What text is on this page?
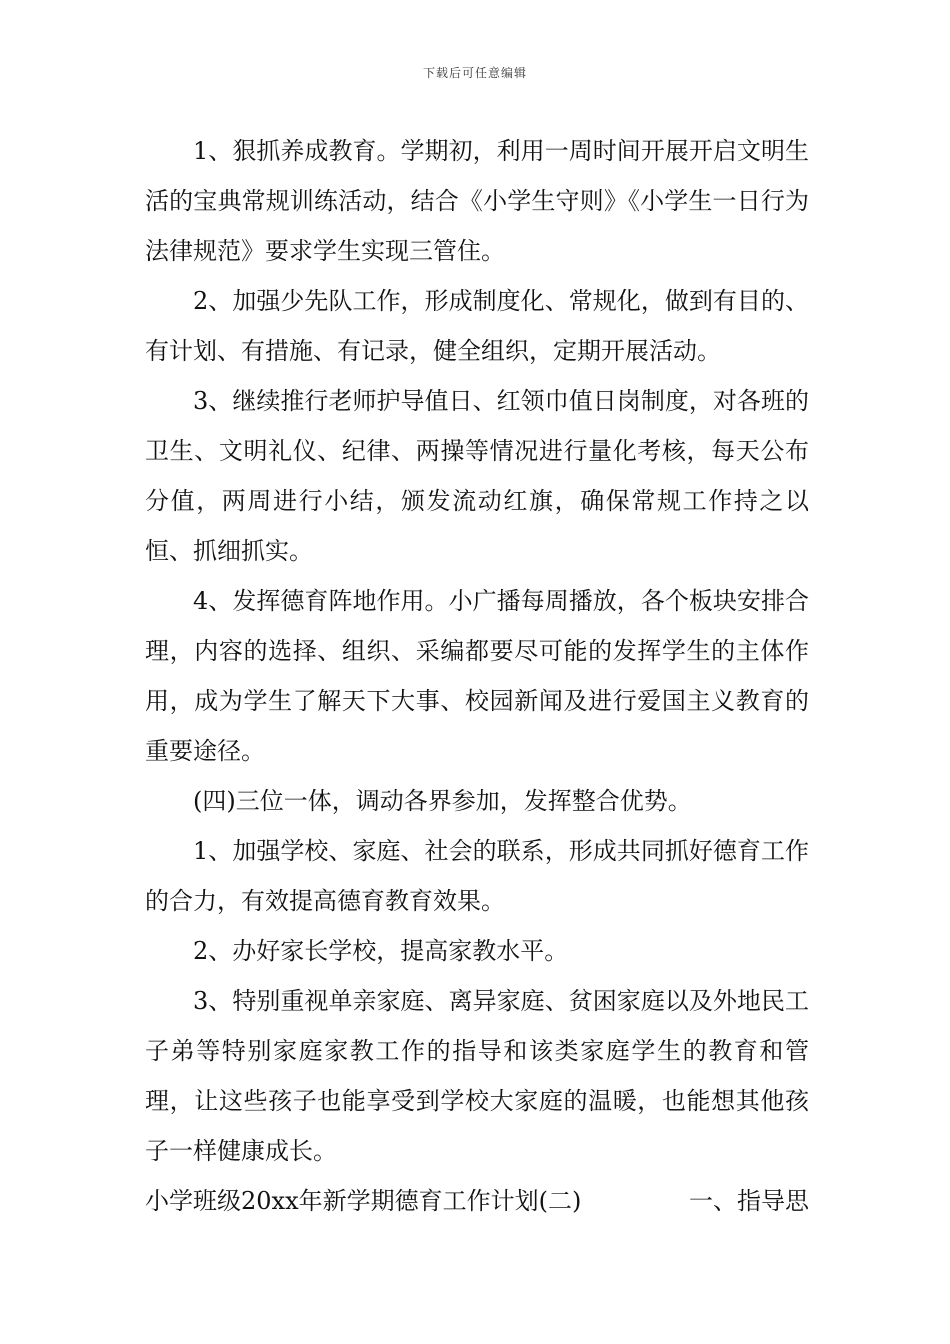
下载后可任意编辑

1、狠抓养成教育。学期初，利用一周时间开展开启文明生活的宝典常规训练活动，结合《小学生守则》《小学生一日行为法律规范》要求学生实现三管住。

2、加强少先队工作，形成制度化、常规化，做到有目的、有计划、有措施、有记录，健全组织，定期开展活动。

3、继续推行老师护导值日、红领巾值日岗制度，对各班的卫生、文明礼仪、纪律、两操等情况进行量化考核，每天公布分值，两周进行小结，颁发流动红旗，确保常规工作持之以恒、抓细抓实。

4、发挥德育阵地作用。小广播每周播放，各个板块安排合理，内容的选择、组织、采编都要尽可能的发挥学生的主体作用，成为学生了解天下大事、校园新闻及进行爱国主义教育的重要途径。

(四)三位一体，调动各界参加，发挥整合优势。

1、加强学校、家庭、社会的联系，形成共同抓好德育工作的合力，有效提高德育教育效果。

2、办好家长学校，提高家教水平。

3、特别重视单亲家庭、离异家庭、贫困家庭以及外地民工子弟等特别家庭家教工作的指导和该类家庭学生的教育和管理，让这些孩子也能享受到学校大家庭的温暖，也能想其他孩子一样健康成长。

小学班级20xx年新学期德育工作计划(二)	一、指导思
